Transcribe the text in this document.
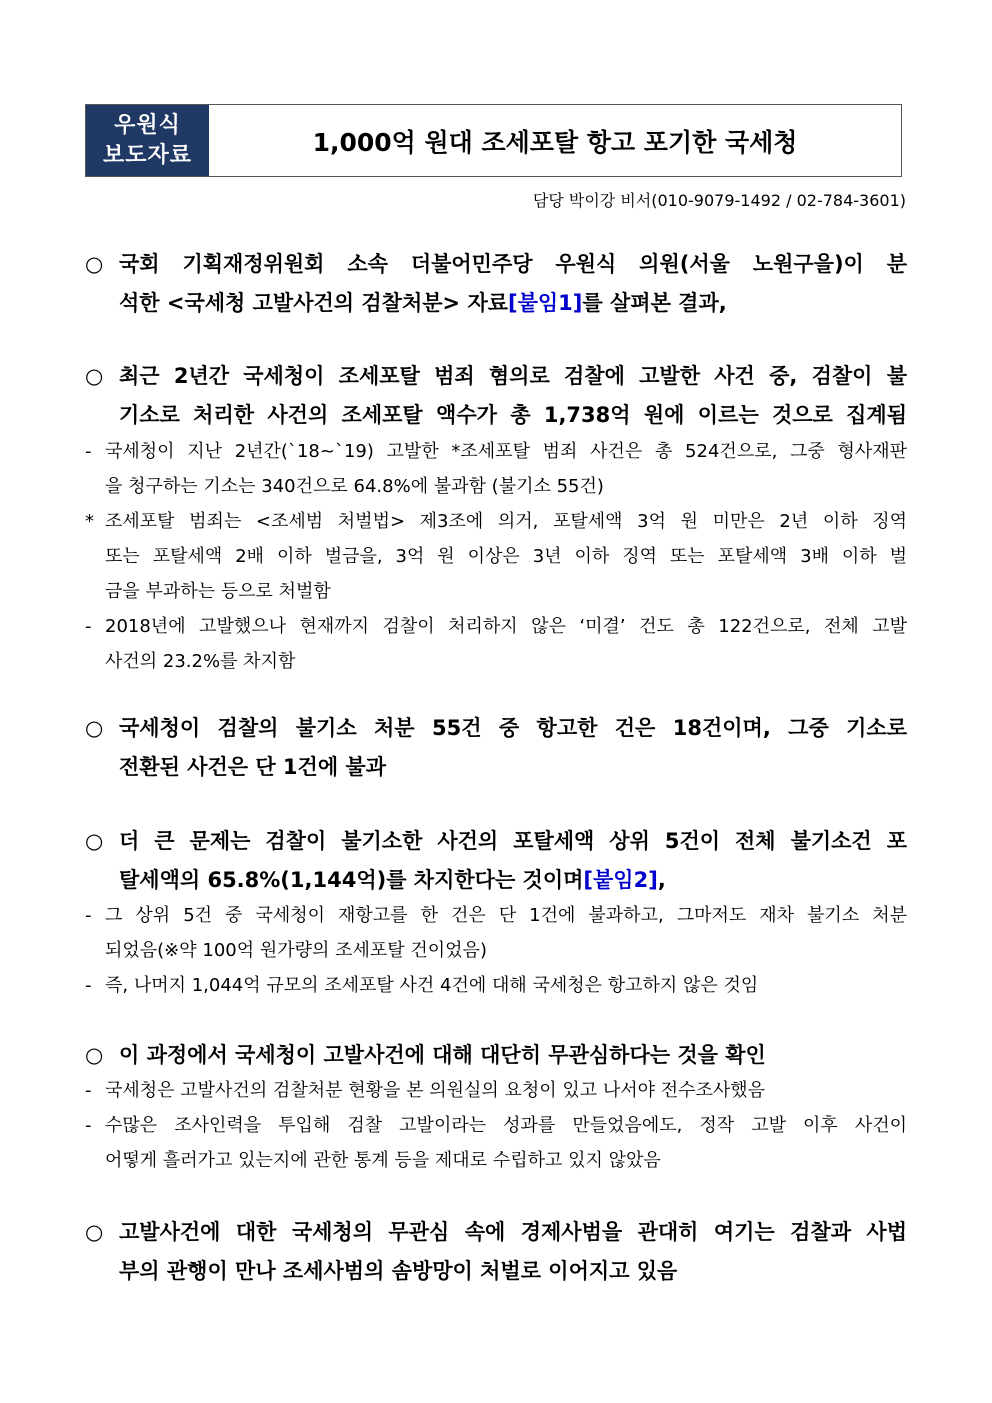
우원식
보도자료	1,000억 원대 조세포탈 항고 포기한 국세청
담당 박이강 비서(010-9079-1492 / 02-784-3601)
○ 국회 기획재정위원회 소속 더불어민주당 우원식 의원(서울 노원구을)이 분
석한 <국세청 고발사건의 검찰처분> 자료[붙임1]를 살펴본 결과,
○ 최근 2년간 국세청이 조세포탈 범죄 혐의로 검찰에 고발한 사건 중, 검찰이 불
기소로 처리한 사건의 조세포탈 액수가 총 1,738억 원에 이르는 것으로 집계됨
- 국세청이 지난 2년간(`18~`19) 고발한 *조세포탈 범죄 사건은 총 524건으로, 그중 형사재판
을 청구하는 기소는 340건으로 64.8%에 불과함 (불기소 55건)
* 조세포탈 범죄는 <조세범 처벌법> 제3조에 의거, 포탈세액 3억 원 미만은 2년 이하 징역
또는 포탈세액 2배 이하 벌금을, 3억 원 이상은 3년 이하 징역 또는 포탈세액 3배 이하 벌
금을 부과하는 등으로 처벌함
- 2018년에 고발했으나 현재까지 검찰이 처리하지 않은 ‘미결’ 건도 총 122건으로, 전체 고발
사건의 23.2%를 차지함
○ 국세청이 검찰의 불기소 처분 55건 중 항고한 건은 18건이며, 그중 기소로
전환된 사건은 단 1건에 불과
○ 더 큰 문제는 검찰이 불기소한 사건의 포탈세액 상위 5건이 전체 불기소건 포
탈세액의 65.8%(1,144억)를 차지한다는 것이며[붙임2],
- 그 상위 5건 중 국세청이 재항고를 한 건은 단 1건에 불과하고, 그마저도 재차 불기소 처분
되었음(※약 100억 원가량의 조세포탈 건이었음)
- 즉, 나머지 1,044억 규모의 조세포탈 사건 4건에 대해 국세청은 항고하지 않은 것임
○ 이 과정에서 국세청이 고발사건에 대해 대단히 무관심하다는 것을 확인
- 국세청은 고발사건의 검찰처분 현황을 본 의원실의 요청이 있고 나서야 전수조사했음
- 수많은 조사인력을 투입해 검찰 고발이라는 성과를 만들었음에도, 정작 고발 이후 사건이
어떻게 흘러가고 있는지에 관한 통계 등을 제대로 수립하고 있지 않았음
○ 고발사건에 대한 국세청의 무관심 속에 경제사범을 관대히 여기는 검찰과 사법
부의 관행이 만나 조세사범의 솜방망이 처벌로 이어지고 있음
